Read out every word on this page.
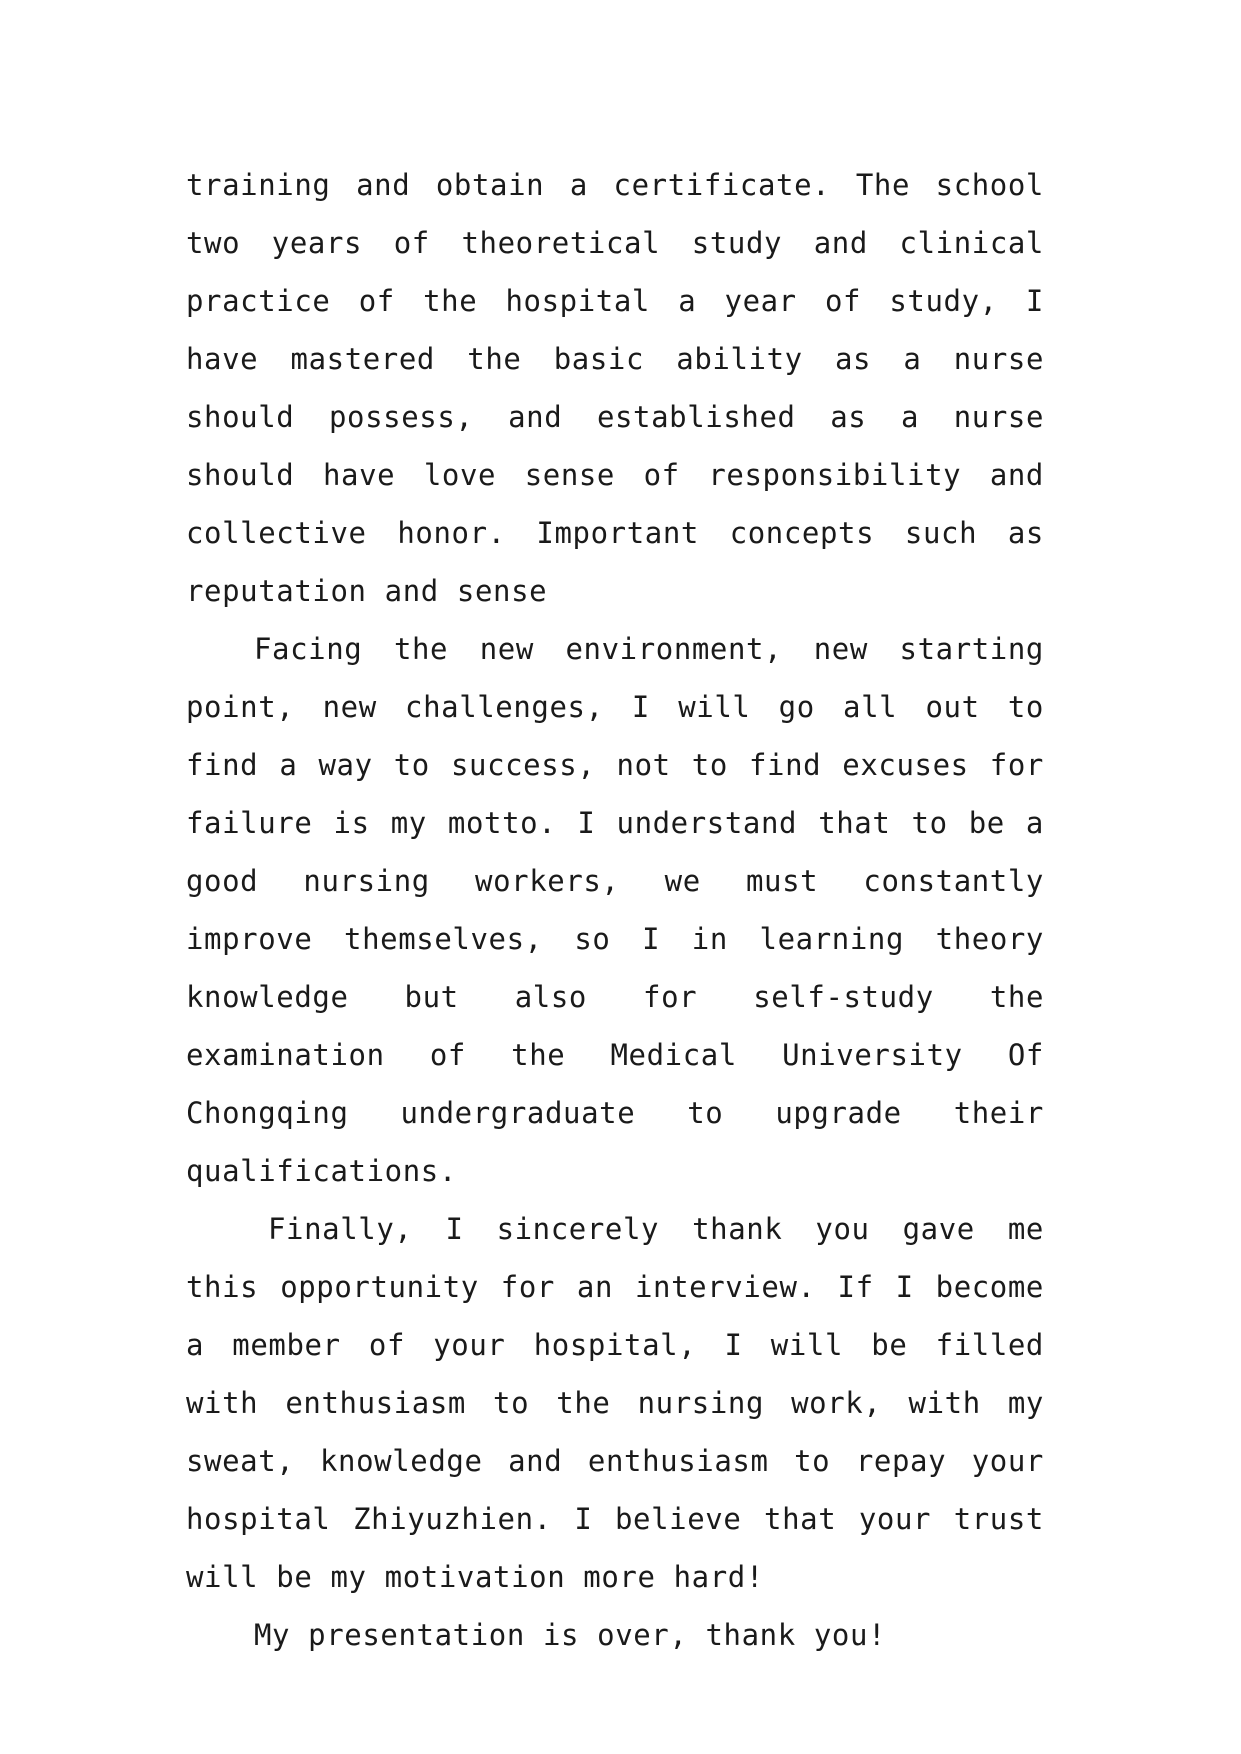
training and obtain a certificate. The school two years of theoretical study and clinical practice of the hospital a year of study, I have mastered the basic ability as a nurse should possess, and established as a nurse should have love sense of responsibility and collective honor. Important concepts such as reputation and sense

Facing the new environment, new starting point, new challenges, I will go all out to find a way to success, not to find excuses for failure is my motto. I understand that to be a good nursing workers, we must constantly improve themselves, so I in learning theory knowledge but also for self-study the examination of the Medical University Of Chongqing undergraduate to upgrade their qualifications.

Finally, I sincerely thank you gave me this opportunity for an interview. If I become a member of your hospital, I will be filled with enthusiasm to the nursing work, with my sweat, knowledge and enthusiasm to repay your hospital Zhiyuzhien. I believe that your trust will be my motivation more hard!

My presentation is over, thank you!
